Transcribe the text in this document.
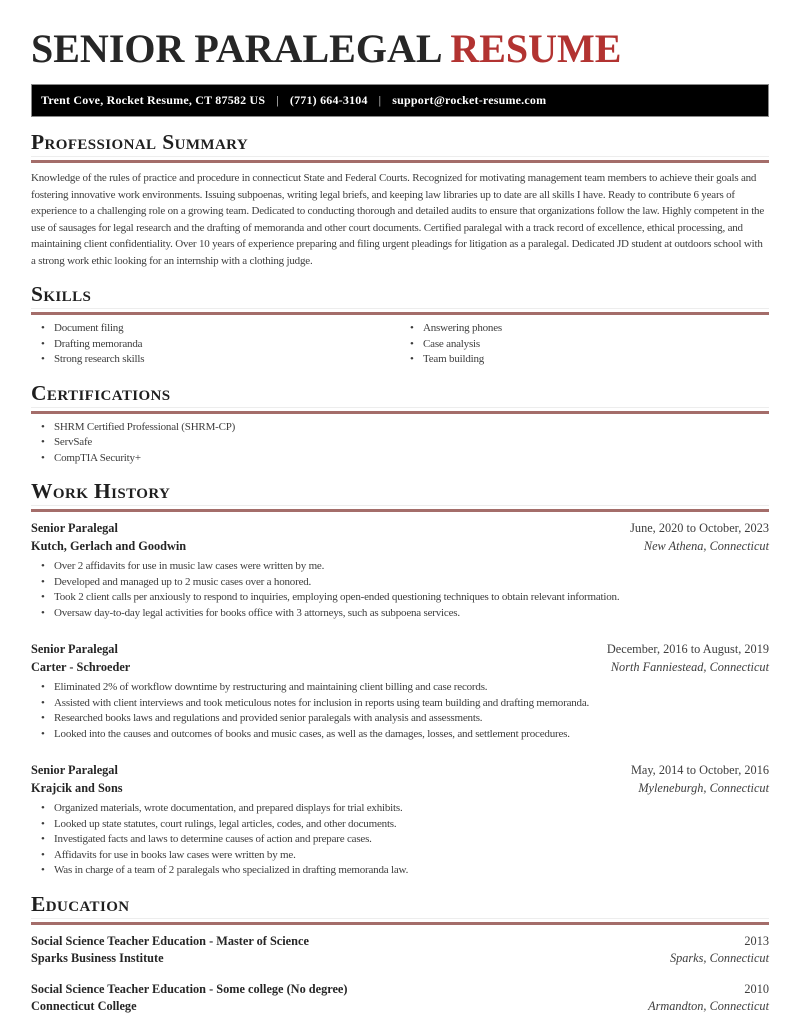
SENIOR PARALEGAL RESUME
Trent Cove, Rocket Resume, CT 87582 US | (771) 664-3104 | support@rocket-resume.com
Professional Summary

Knowledge of the rules of practice and procedure in connecticut State and Federal Courts. Recognized for motivating management team members to achieve their goals and fostering innovative work environments. Issuing subpoenas, writing legal briefs, and keeping law libraries up to date are all skills I have. Ready to contribute 6 years of experience to a challenging role on a growing team. Dedicated to conducting thorough and detailed audits to ensure that organizations follow the law. Highly competent in the use of sausages for legal research and the drafting of memoranda and other court documents. Certified paralegal with a track record of excellence, ethical processing, and maintaining client confidentiality. Over 10 years of experience preparing and filing urgent pleadings for litigation as a paralegal. Dedicated JD student at outdoors school with a strong work ethic looking for an internship with a clothing judge.

Skills
• Document filing
• Drafting memoranda
• Strong research skills
• Answering phones
• Case analysis
• Team building
Certifications
• SHRM Certified Professional (SHRM-CP)
• ServSafe
• CompTIA Security+
Work History
Senior Paralegal	June, 2020 to October, 2023
Kutch, Gerlach and Goodwin	New Athena, Connecticut
• Over 2 affidavits for use in music law cases were written by me.
• Developed and managed up to 2 music cases over a honored.
• Took 2 client calls per anxiously to respond to inquiries, employing open-ended questioning techniques to obtain relevant information.
• Oversaw day-to-day legal activities for books office with 3 attorneys, such as subpoena services.
Senior Paralegal	December, 2016 to August, 2019
Carter - Schroeder	North Fanniestead, Connecticut
• Eliminated 2% of workflow downtime by restructuring and maintaining client billing and case records.
• Assisted with client interviews and took meticulous notes for inclusion in reports using team building and drafting memoranda.
• Researched books laws and regulations and provided senior paralegals with analysis and assessments.
• Looked into the causes and outcomes of books and music cases, as well as the damages, losses, and settlement procedures.
Senior Paralegal	May, 2014 to October, 2016
Krajcik and Sons	Myleneburgh, Connecticut
• Organized materials, wrote documentation, and prepared displays for trial exhibits.
• Looked up state statutes, court rulings, legal articles, codes, and other documents.
• Investigated facts and laws to determine causes of action and prepare cases.
• Affidavits for use in books law cases were written by me.
• Was in charge of a team of 2 paralegals who specialized in drafting memoranda law.
Education
Social Science Teacher Education - Master of Science	2013
Sparks Business Institute	Sparks, Connecticut
Social Science Teacher Education - Some college (No degree)	2010
Connecticut College	Armandton, Connecticut
